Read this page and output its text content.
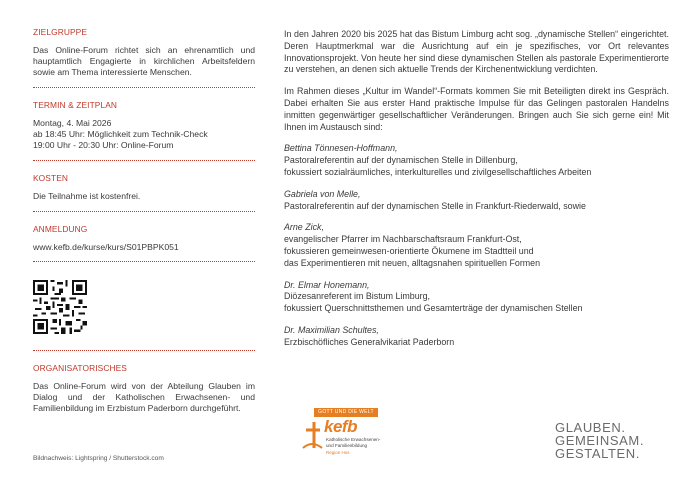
ZIELGRUPPE

Das Online-Forum richtet sich an ehrenamtlich und hauptamtlich Engagierte in kirchlichen Arbeitsfeldern sowie am Thema interessierte Menschen.

TERMIN & ZEITPLAN

Montag, 4. Mai 2026

ab 18:45 Uhr: Möglichkeit zum Technik-Check

19:00 Uhr - 20:30 Uhr: Online-Forum

KOSTEN

Die Teilnahme ist kostenfrei.

ANMELDUNG

www.kefb.de/kurse/kurs/S01PBPK051

ORGANISATORISCHES

Das Online-Forum wird von der Abteilung Glauben im Dialog und der Katholischen Erwachsenen- und Familienbildung im Erzbistum Paderborn durchgeführt.

Bildnachweis: Lightspring / Shutterstock.com

In den Jahren 2020 bis 2025 hat das Bistum Limburg acht sog. „dynamische Stellen“ eingerichtet. Deren Hauptmerkmal war die Ausrichtung auf ein je spezifisches, vor Ort relevantes Innovationsprojekt. Von heute her sind diese dynamischen Stellen als pastorale Experimentierorte zu verstehen, an denen sich aktuelle Trends der Kirchenentwicklung verdichten.

Im Rahmen dieses „Kultur im Wandel“-Formats kommen Sie mit Beteiligten direkt ins Gespräch. Dabei erhalten Sie aus erster Hand praktische Impulse für das Gelingen pastoralen Handelns inmitten gegenwärtiger gesellschaftlicher Veränderungen. Bringen auch Sie sich gerne ein! Mit Ihnen im Austausch sind:

Bettina Tönnesen-Hoffmann,
Pastoralreferentin auf der dynamischen Stelle in Dillenburg,
fokussiert sozialräumliches, interkulturelles und zivilgesellschaftliches Arbeiten
Gabriela von Melle,
Pastoralreferentin auf der dynamischen Stelle in Frankfurt-Riederwald, sowie
Arne Zick,
evangelischer Pfarrer im Nachbarschaftsraum Frankfurt-Ost,
fokussieren gemeinwesen-orientierte Ökumene im Stadtteil und
das Experimentieren mit neuen, alltagsnahen spirituellen Formen
Dr. Elmar Honemann,
Diözesanreferent im Bistum Limburg,
fokussiert Querschnittsthemen und Gesamterträge der dynamischen Stellen
Dr. Maximilian Schultes,
Erzbischöfliches Generalvikariat Paderborn
GOTT UND DIE WELT
kefb
Katholische Erwachsenen- und Familienbildung
Region Hus
GLAUBEN.
GEMEINSAM.
GESTALTEN.
